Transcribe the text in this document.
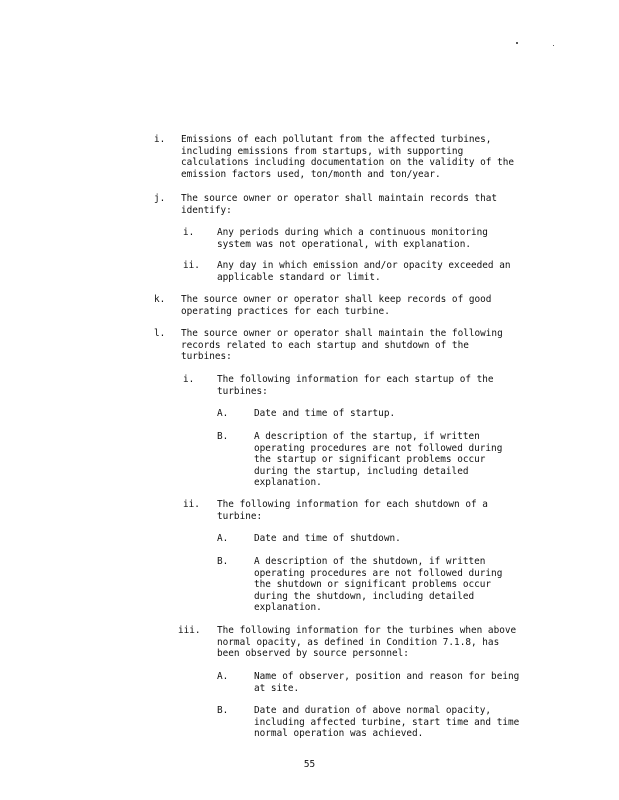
i. Emissions of each pollutant from the affected turbines,
including emissions from startups, with supporting
calculations including documentation on the validity of the
emission factors used, ton/month and ton/year.
j. The source owner or operator shall maintain records that
identify:
i. Any periods during which a continuous monitoring
system was not operational, with explanation.
ii. Any day in which emission and/or opacity exceeded an
applicable standard or limit.
k. The source owner or operator shall keep records of good
operating practices for each turbine.
l. The source owner or operator shall maintain the following
records related to each startup and shutdown of the
turbines:
i. The following information for each startup of the
turbines:
A.	Date and time of startup.
B.	A description of the startup, if written
operating procedures are not followed during
the startup or significant problems occur
during the startup, including detailed
explanation.
ii. The following information for each shutdown of a
turbine:
A.	Date and time of shutdown.
B.	A description of the shutdown, if written
operating procedures are not followed during
the shutdown or significant problems occur
during the shutdown, including detailed
explanation.
iii. The following information for the turbines when above
normal opacity, as defined in Condition 7.1.8, has
been observed by source personnel:
A.	Name of observer, position and reason for being
at site.
B.	Date and duration of above normal opacity,
including affected turbine, start time and time
normal operation was achieved.
55
